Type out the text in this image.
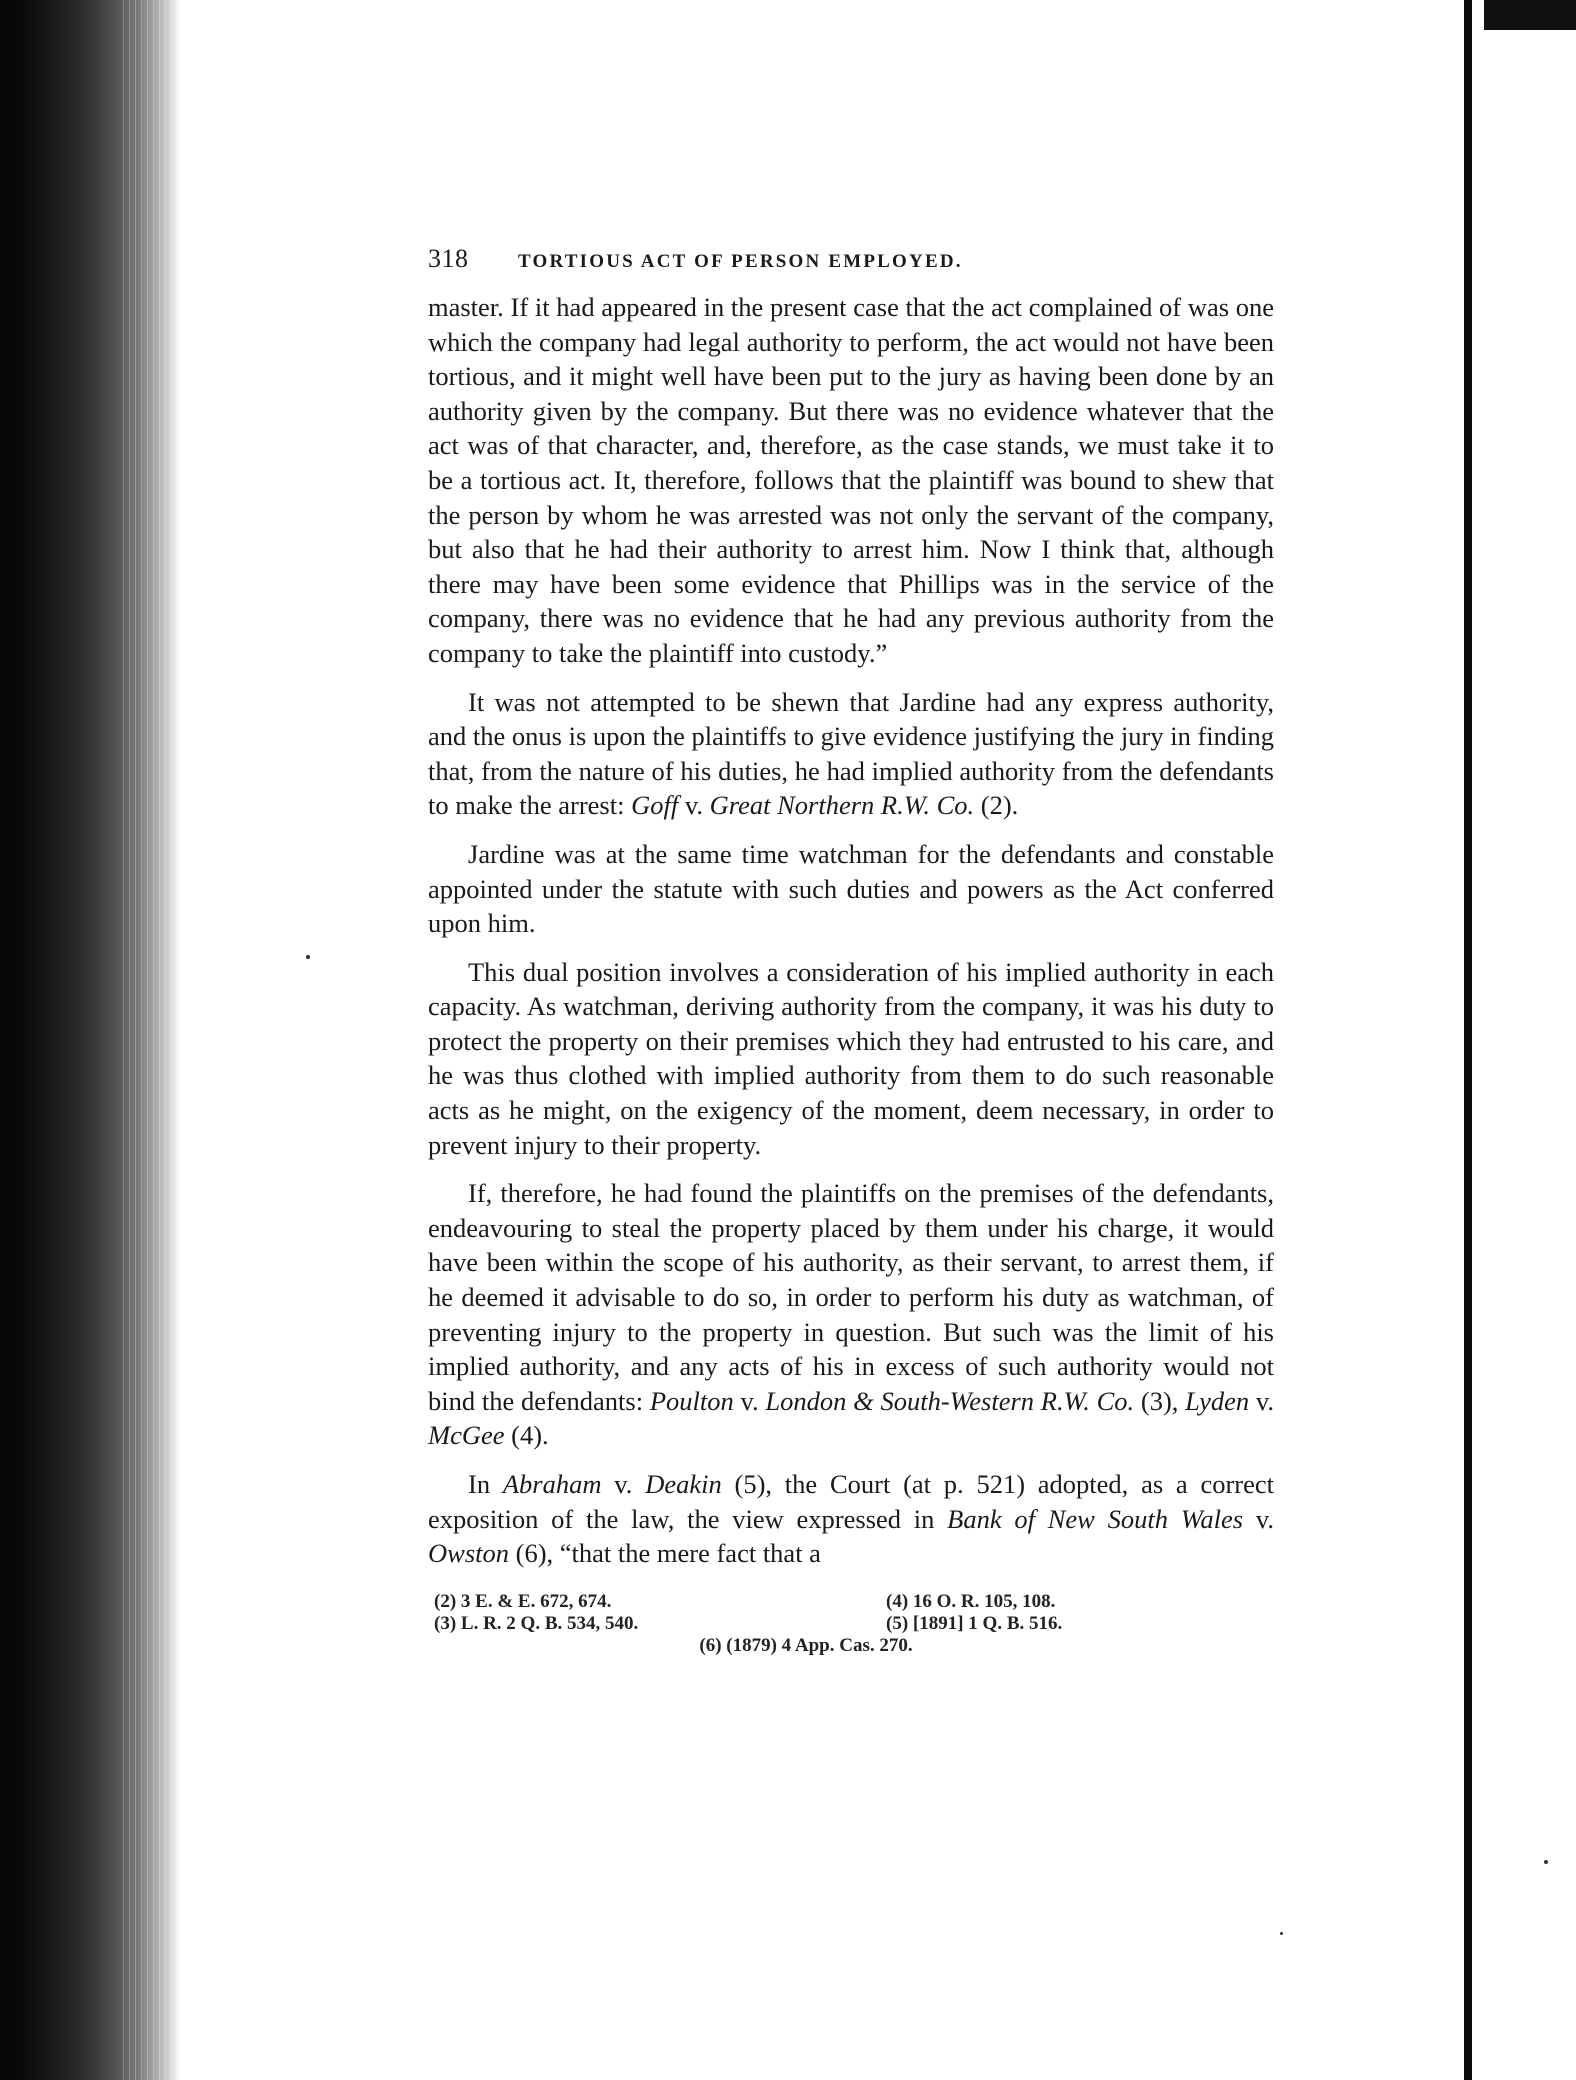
318	TORTIOUS ACT OF PERSON EMPLOYED.

master. If it had appeared in the present case that the act complained of was one which the company had legal authority to perform, the act would not have been tortious, and it might well have been put to the jury as having been done by an authority given by the company. But there was no evidence whatever that the act was of that character, and, therefore, as the case stands, we must take it to be a tortious act. It, therefore, follows that the plaintiff was bound to shew that the person by whom he was arrested was not only the servant of the company, but also that he had their authority to arrest him. Now I think that, although there may have been some evidence that Phillips was in the service of the company, there was no evidence that he had any previous authority from the company to take the plaintiff into custody.”

It was not attempted to be shewn that Jardine had any express authority, and the onus is upon the plaintiffs to give evidence justifying the jury in finding that, from the nature of his duties, he had implied authority from the defendants to make the arrest: Goff v. Great Northern R.W. Co. (2).

Jardine was at the same time watchman for the defendants and constable appointed under the statute with such duties and powers as the Act conferred upon him.

This dual position involves a consideration of his implied authority in each capacity. As watchman, deriving authority from the company, it was his duty to protect the property on their premises which they had entrusted to his care, and he was thus clothed with implied authority from them to do such reasonable acts as he might, on the exigency of the moment, deem necessary, in order to prevent injury to their property.

If, therefore, he had found the plaintiffs on the premises of the defendants, endeavouring to steal the property placed by them under his charge, it would have been within the scope of his authority, as their servant, to arrest them, if he deemed it advisable to do so, in order to perform his duty as watchman, of preventing injury to the property in question. But such was the limit of his implied authority, and any acts of his in excess of such authority would not bind the defendants: Poulton v. London & South-Western R.W. Co. (3), Lyden v. McGee (4).

In Abraham v. Deakin (5), the Court (at p. 521) adopted, as a correct exposition of the law, the view expressed in Bank of New South Wales v. Owston (6), “that the mere fact that a

(2) 3 E. & E. 672, 674.	(4) 16 O. R. 105, 108.
(3) L. R. 2 Q. B. 534, 540.	(5) [1891] 1 Q. B. 516.
(6) (1879) 4 App. Cas. 270.
